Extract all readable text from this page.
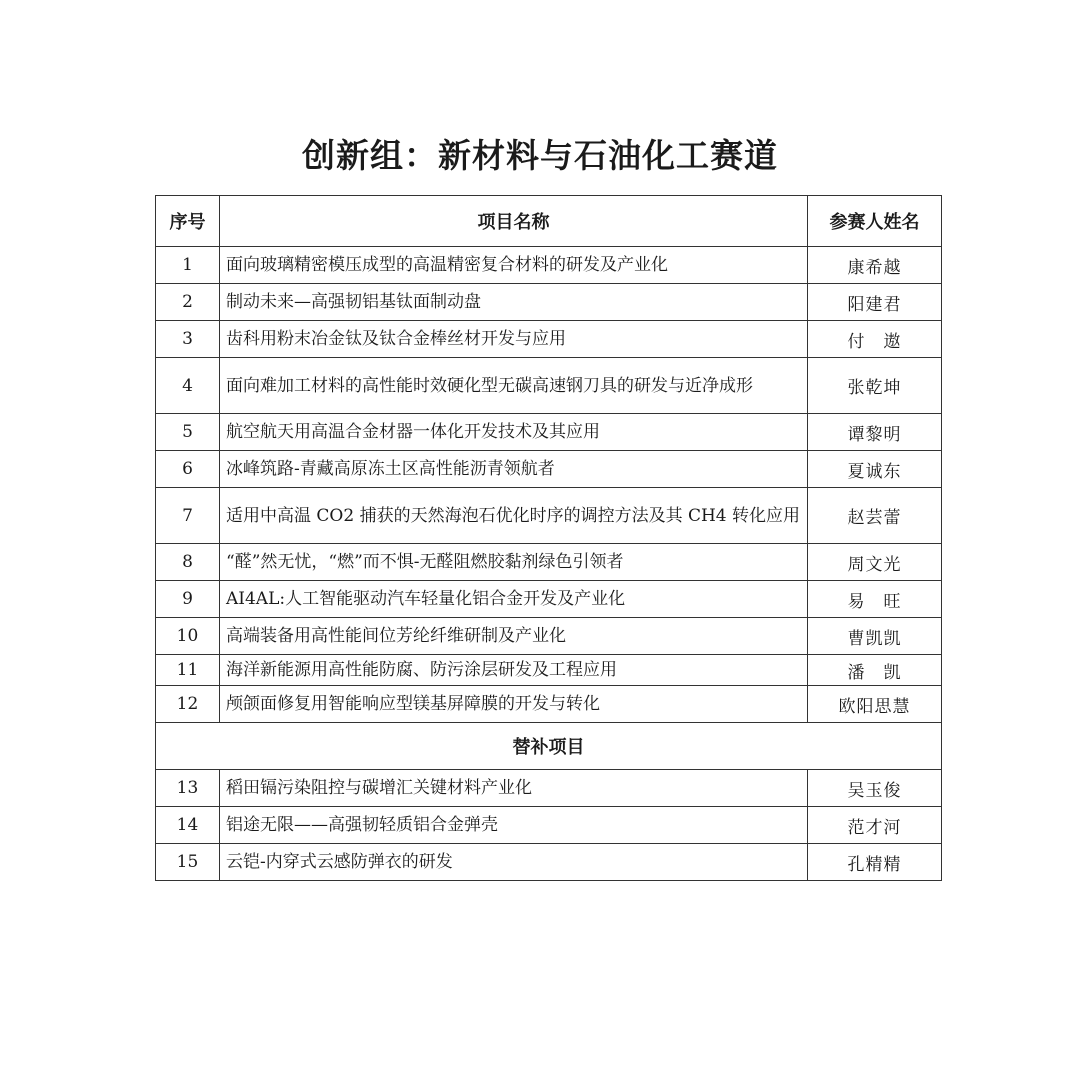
创新组：新材料与石油化工赛道
序号	项目名称	参赛人姓名
1	面向玻璃精密模压成型的高温精密复合材料的研发及产业化	康希越
2	制动未来—高强韧铝基钛面制动盘	阳建君
3	齿科用粉末冶金钛及钛合金棒丝材开发与应用	付　遨
4	面向难加工材料的高性能时效硬化型无碳高速钢刀具的研发与近净成形	张乾坤
5	航空航天用高温合金材器一体化开发技术及其应用	谭黎明
6	冰峰筑路-青藏高原冻土区高性能沥青领航者	夏诚东
7	适用中高温 CO2 捕获的天然海泡石优化时序的调控方法及其 CH4 转化应用	赵芸蕾
8	“醛”然无忧，“燃”而不惧-无醛阻燃胶黏剂绿色引领者	周文光
9	AI4AL:人工智能驱动汽车轻量化铝合金开发及产业化	易　旺
10	高端装备用高性能间位芳纶纤维研制及产业化	曹凯凯
11	海洋新能源用高性能防腐、防污涂层研发及工程应用	潘　凯
12	颅颌面修复用智能响应型镁基屏障膜的开发与转化	欧阳思慧
替补项目		
13	稻田镉污染阻控与碳增汇关键材料产业化	吴玉俊
14	铝途无限——高强韧轻质铝合金弹壳	范才河
15	云铠-内穿式云感防弹衣的研发	孔精精
